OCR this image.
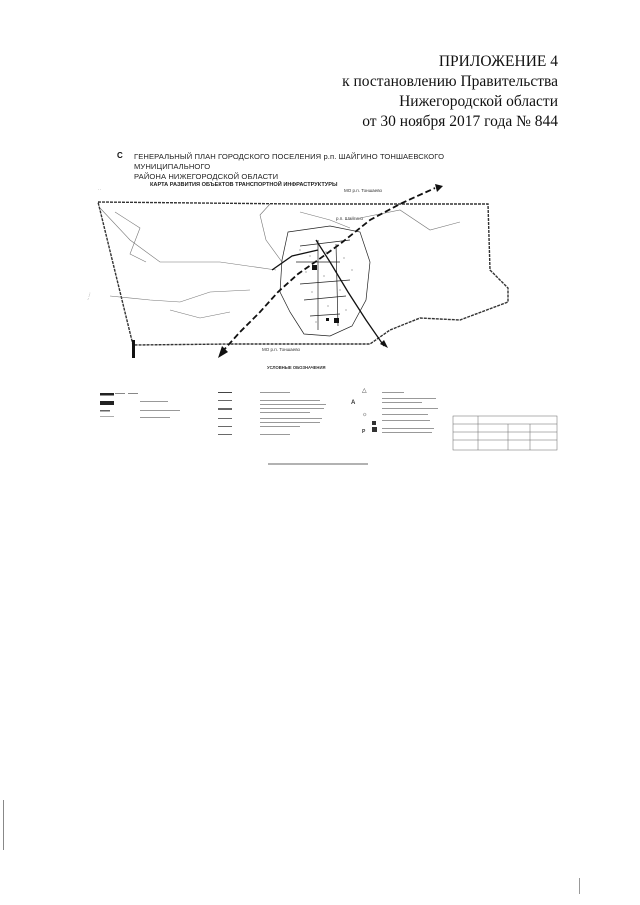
ПРИЛОЖЕНИЕ 4
к постановлению Правительства
Нижегородской области
от 30 ноября 2017 года № 844
С ГЕНЕРАЛЬНЫЙ ПЛАН ГОРОДСКОГО ПОСЕЛЕНИЯ р.п. ШАЙГИНО ТОНШАЕВСКОГО МУНИЦИПАЛЬНОГО
РАЙОНА НИЖЕГОРОДСКОЙ ОБЛАСТИ
КАРТА РАЗВИТИЯ ОБЪЕКТОВ ТРАНСПОРТНОЙ ИНФРАСТРУКТУРЫ
. .
.. ....
△
А
☼
Р
МО р.п. Тоншаево
р.п. Шайгино
МО р.п. Тоншаево
УСЛОВНЫЕ ОБОЗНАЧЕНИЯ
